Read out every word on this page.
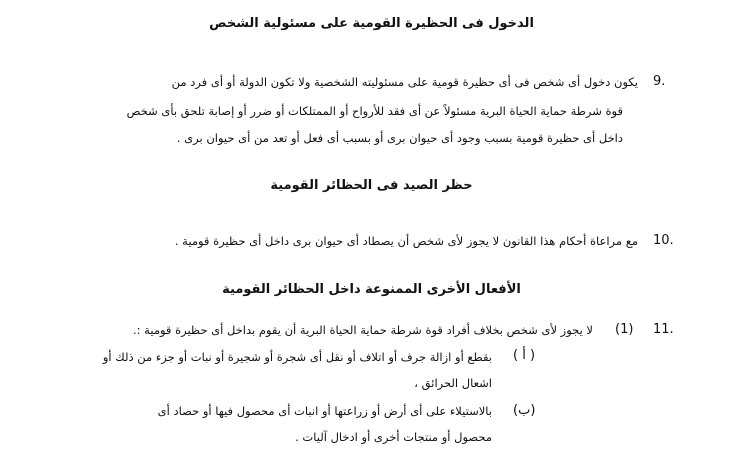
الدخول فى الحظيرة القومية على مسئولية الشخص
9.
يكون دخول أى شخص فى أى حظيرة قومية على مسئوليته الشخصية ولا تكون الدولة أو أى فرد من
قوة شرطة حماية الحياة البرية مسئولاً عن أى فقد للأرواح أو الممتلكات أو ضرر أو إصابة تلحق بأى شخص
داخل أى حظيرة قومية بسبب وجود أى حيوان برى أو بسبب أى فعل أو تعد من أى حيوان برى .
حظر الصيد فى الحظائر القومية
10.
مع مراعاة أحكام هذا القانون لا يجوز لأى شخص أن يصطاد أى حيوان برى داخل أى حظيرة قومية .
الأفعال الأخرى الممنوعة داخل الحظائر القومية
11.
(1)
لا يجوز لأى شخص بخلاف أفراد قوة شرطة حماية الحياة البرية أن يقوم بداخل أى حظيرة قومية :.
( أ )
بقطع أو ازالة جرف أو اتلاف أو نقل أى شجرة أو شجيرة أو نبات أو جزء من ذلك أو
اشعال الحرائق ،
(ب)
بالاستيلاء على أى أرض أو زراعتها أو انبات أى محصول فيها أو حصاد أى
محصول أو منتجات أخرى أو ادخال آليات .
